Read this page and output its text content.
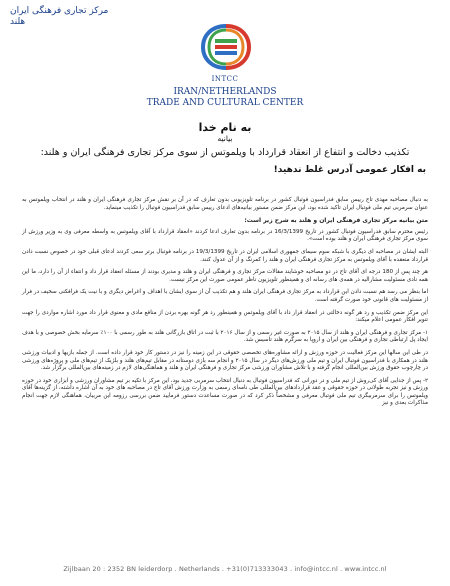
مرکز تجاری فرهنگی ایران
هلند
INTCC
IRAN/NETHERLANDS
TRADE AND CULTURAL CENTER
به نام خدا
بیانیه
تکذیب دخالت و انتفاع از انعقاد قرارداد با ویلموتس از سوی مرکز تجاری فرهنگی ایران و هلند:
به افکار عمومی آدرس غلط ندهید!

به دنبال مصاحبه مهدی تاج رییس سابق فدراسیون فوتبال کشور در برنامه تلویزیونی بدون تعارف که در آن بر نقش مرکز تجاری فرهنگی ایران و هلند در انتخاب ویلموتس به عنوان سرمربی تیم ملی فوتبال ایران تاکید شده بود، این مرکز ضمن مستور بیانیه‌های ادعای رییس سابق فدراسیون فوتبال را تکذیب مینماید.

متن بیانیه مرکز تجاری فرهنگی ایران و هلند به شرح زیر است:

رئیس محترم سابق فدراسیون فوتبال کشور در تاریخ 16/3/1399 در برنامه بدون تعارف ادعا کردند «انعقاد قرارداد با آقای ویلموتس به واسطه معرفی وی به وزیر ورزش از سوی مرکز تجاری فرهنگی ایران و هلند بوده است».

البته ایشان در مصاحبه ای دیگری با شبکه سوم سیمای جمهوری اسلامی ایران در تاریخ 19/3/1399 در برنامه فوتبال برتر سعی کردند ادعای قبلی خود در خصوص نسبت دادن قرارداد منعقده با آقای ویلموتس به مرکز تجاری فرهنگی ایران و هلند را کمرنگ و از آن عدول کنند.

هر چند پس از 180 درجه ای آقای تاج در دو مصاحبه خوشایند مقالات مرکز تجاری و فرهنگی ایران و هلند و مدیری بودند از مسئله انعقاد قرار داد و انتفاء از آن را دارد، ما این همه نادی مسئولیت مشارالیه در همه‌ی هاى رسانه ای و همینطور تلویزیون ناظر عمومی صورت این مرکز نیست.

اما بنظر می رسد هم نسبت دادن این قرارداد به مرکز تجاری فرهنگی ایران هلند و هم تکذیب آن از سوی ایشان با اهداف و اغراض دیگری و با نیت یک فرافکنی سخیف در فرار از مسئولیت های قانونی خود صورت گرفته است.

این مرکز ضمن تکذیب و رد هر گونه دخالتی در انعقاد قرار داد با آقای ویلموتس و همینطور رد هر گونه بهره بردن از منافع مادی و معنوی قرار داد مورد اشاره مواردی را جهت تنویر افکار عمومی اعلام میکند:

۱- مرکز تجاری و فرهنگی ایران و هلند از سال ۲۰۱۵ به صورت غیر رسمی و از سال ۲۰۱۶ با ثبت در اتاق بازرگانی هلند به طور رسمی با ۱۰۰٪ سرمایه بخش خصوصی و با هدف ایجاد پل ارتباطی تجاری و فرهنگی بین ایران و اروپا به سرگرم هلند تاسیس شد.

در طی این سالها این مرکز فعالیت در حوزه ورزش و ارائه مشاوره‌های تخصصی حقوقی در این زمینه را نیز در دستور کار خود قرار داده است. از جمله بازیها و ادبیات ورزشی هلند در همکاری با فدراسیون فوتبال ایران و تیم ملی ورزش‌های دیگر در سال ۲۰۱۵ و انجام سه بازی دوستانه در مقابل تیم‌های هلند و بلژیک از تیم‌های ملی و پروژه‌های ورزشی در چارچوب حقوق ورزش بین‌المللی انجام گرفته و با تلاش مشاوران ورزشی مرکز تجاری و فرهنگی ایران و هلند و هماهنگی‌های لازم در زمینه‌های بین‌المللی برگزار شد.

۲- پس از جدایی آقای کی‌روش از تیم ملی و در دورانی که فدراسیون فوتبال به دنبال انتخاب سرمربی جدید بود، این مرکز با تکیه بر تیم مشاوران ورزشی و ابزاری خود در حوزه ورزش و نیز تجربه طولانی در حوزه حقوقی و عقد قراردادهای بین‌المللی طی نامه‌ای رسمی به وزارت ورزش آقای تاج در مصاحبه های خود به آن اشاره داشته، از گزینه‌ها آقای ویلموتس را برای سرمربیگری تیم ملی فوتبال معرفی و مشخصاً ذکر کرد که در صورت مساعدت دستور فرمایید ضمن بررسی رزومه این مربیان، هماهنگی لازم جهت انجام مذاکرات بعدی و نیز

Zijlbaan 20 : 2352 BN leiderdorp . Netherlands . +31(0)713333043 . info@intcc.nl . www.intcc.nl
